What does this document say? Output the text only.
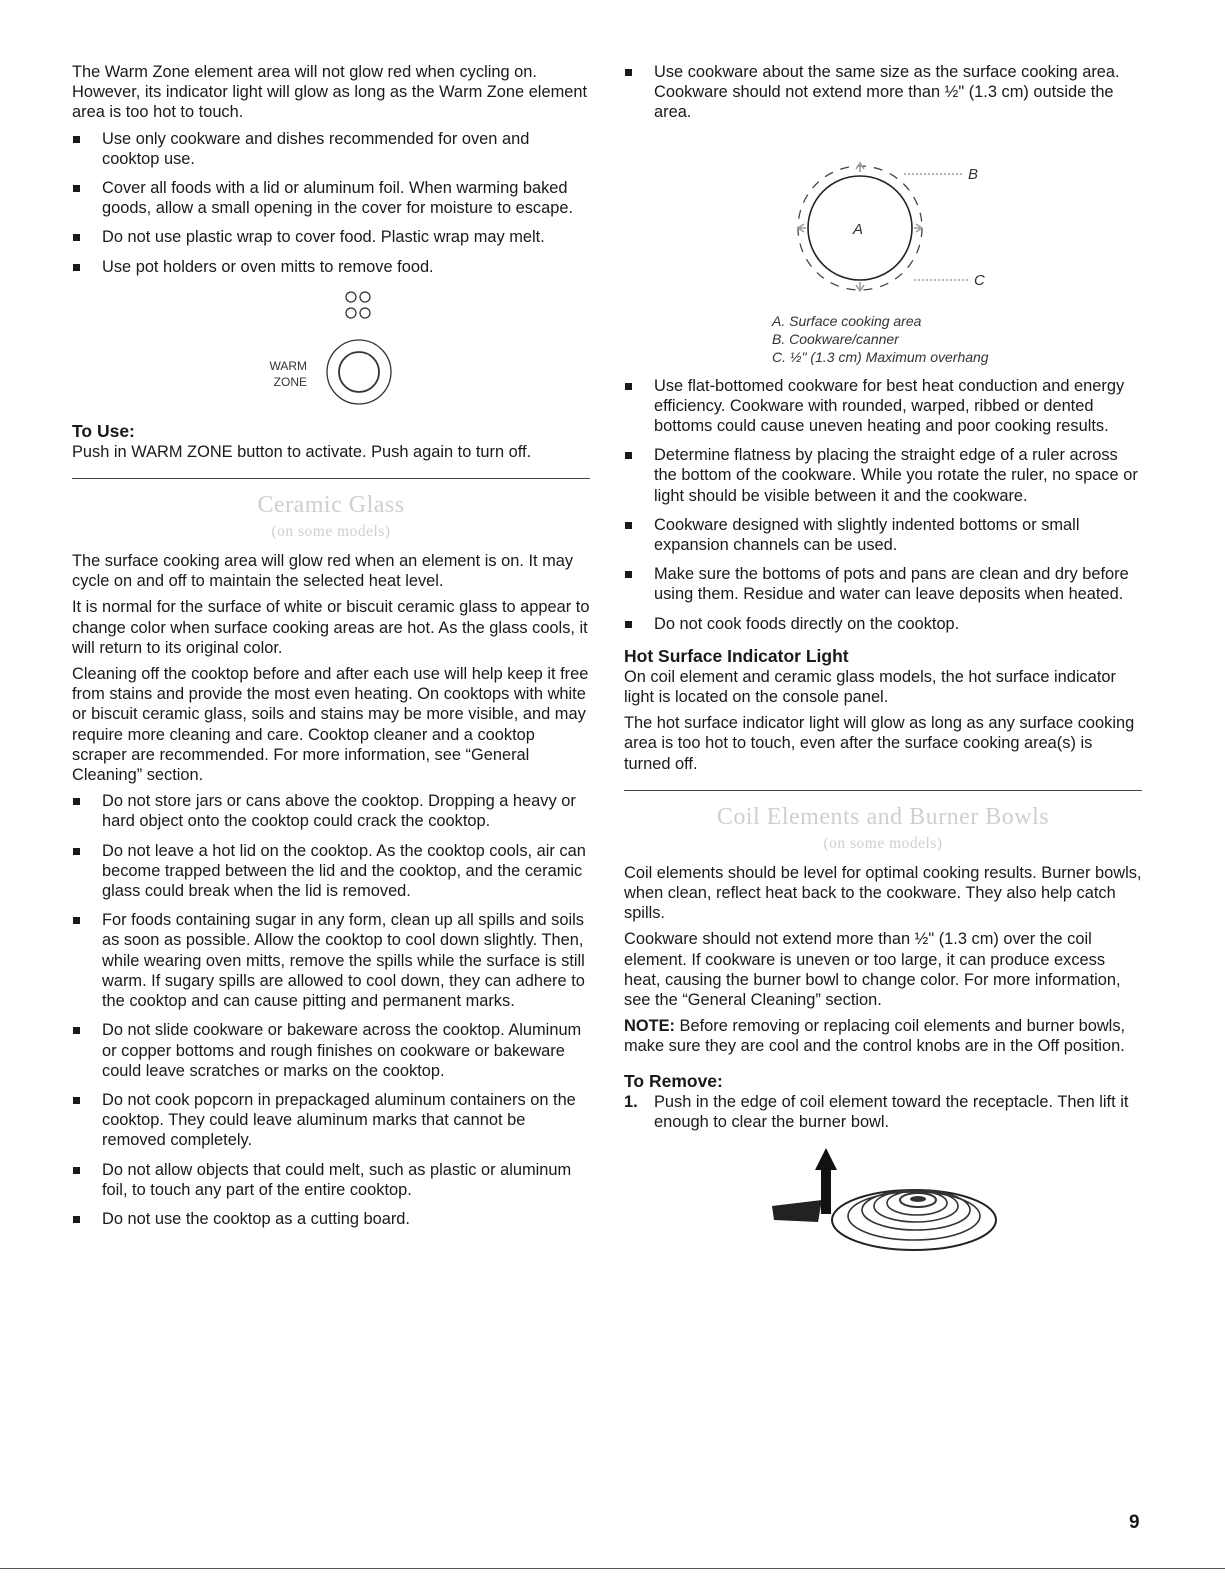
The Warm Zone element area will not glow red when cycling on. However, its indicator light will glow as long as the Warm Zone element area is too hot to touch.

Use only cookware and dishes recommended for oven and cooktop use.
Cover all foods with a lid or aluminum foil. When warming baked goods, allow a small opening in the cover for moisture to escape.
Do not use plastic wrap to cover food. Plastic wrap may melt.
Use pot holders or oven mitts to remove food.
WARM
ZONE
To Use:

Push in WARM ZONE button to activate. Push again to turn off.

Ceramic Glass
(on some models)

The surface cooking area will glow red when an element is on. It may cycle on and off to maintain the selected heat level.

It is normal for the surface of white or biscuit ceramic glass to appear to change color when surface cooking areas are hot. As the glass cools, it will return to its original color.

Cleaning off the cooktop before and after each use will help keep it free from stains and provide the most even heating. On cooktops with white or biscuit ceramic glass, soils and stains may be more visible, and may require more cleaning and care. Cooktop cleaner and a cooktop scraper are recommended. For more information, see “General Cleaning” section.

Do not store jars or cans above the cooktop. Dropping a heavy or hard object onto the cooktop could crack the cooktop.
Do not leave a hot lid on the cooktop. As the cooktop cools, air can become trapped between the lid and the cooktop, and the ceramic glass could break when the lid is removed.
For foods containing sugar in any form, clean up all spills and soils as soon as possible. Allow the cooktop to cool down slightly. Then, while wearing oven mitts, remove the spills while the surface is still warm. If sugary spills are allowed to cool down, they can adhere to the cooktop and can cause pitting and permanent marks.
Do not slide cookware or bakeware across the cooktop. Aluminum or copper bottoms and rough finishes on cookware or bakeware could leave scratches or marks on the cooktop.
Do not cook popcorn in prepackaged aluminum containers on the cooktop. They could leave aluminum marks that cannot be removed completely.
Do not allow objects that could melt, such as plastic or aluminum foil, to touch any part of the entire cooktop.
Do not use the cooktop as a cutting board.
Use cookware about the same size as the surface cooking area. Cookware should not extend more than ½" (1.3 cm) outside the area.
A
B
C
A. Surface cooking area
B. Cookware/canner
C. ½" (1.3 cm) Maximum overhang
Use flat-bottomed cookware for best heat conduction and energy efficiency. Cookware with rounded, warped, ribbed or dented bottoms could cause uneven heating and poor cooking results.
Determine flatness by placing the straight edge of a ruler across the bottom of the cookware. While you rotate the ruler, no space or light should be visible between it and the cookware.
Cookware designed with slightly indented bottoms or small expansion channels can be used.
Make sure the bottoms of pots and pans are clean and dry before using them. Residue and water can leave deposits when heated.
Do not cook foods directly on the cooktop.
Hot Surface Indicator Light

On coil element and ceramic glass models, the hot surface indicator light is located on the console panel.

The hot surface indicator light will glow as long as any surface cooking area is too hot to touch, even after the surface cooking area(s) is turned off.

Coil Elements and Burner Bowls
(on some models)

Coil elements should be level for optimal cooking results. Burner bowls, when clean, reflect heat back to the cookware. They also help catch spills.

Cookware should not extend more than ½" (1.3 cm) over the coil element. If cookware is uneven or too large, it can produce excess heat, causing the burner bowl to change color. For more information, see the “General Cleaning” section.

NOTE: Before removing or replacing coil elements and burner bowls, make sure they are cool and the control knobs are in the Off position.

To Remove:
1. Push in the edge of coil element toward the receptacle. Then lift it enough to clear the burner bowl.
9
